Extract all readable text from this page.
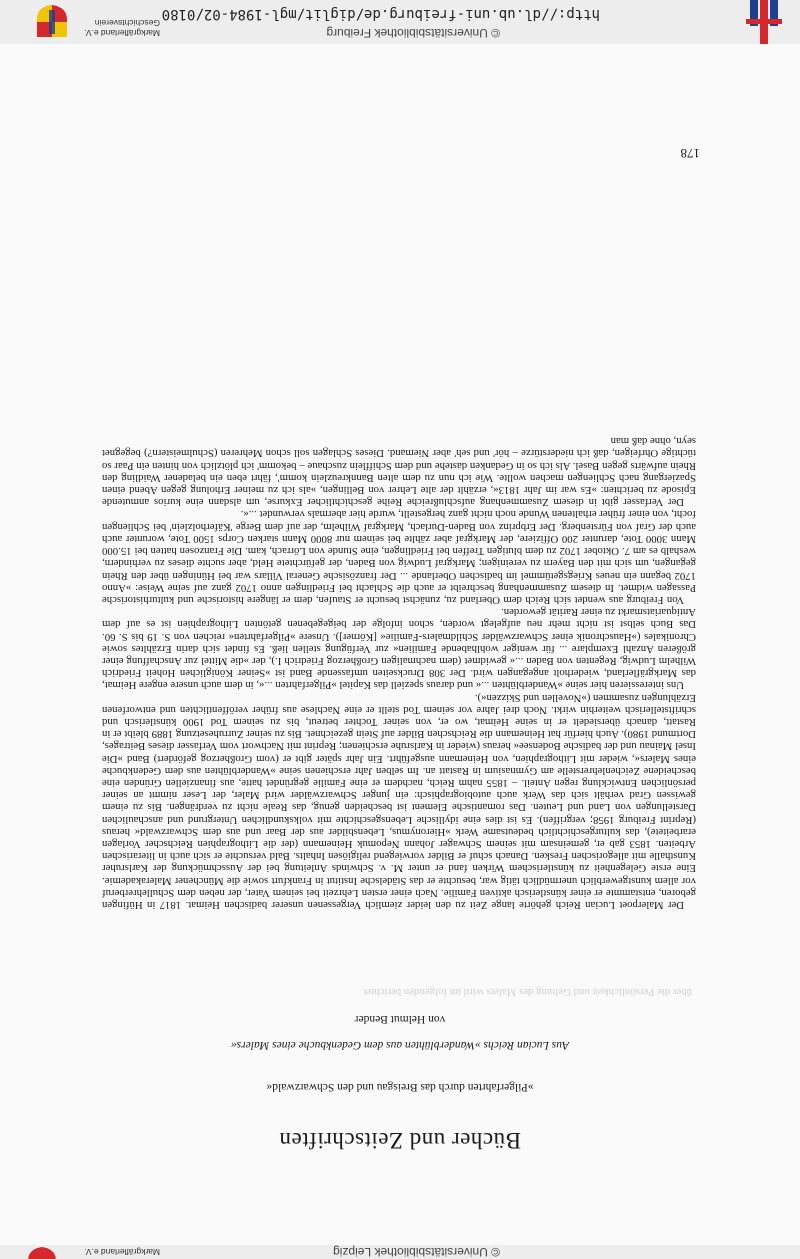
Markgräflerland e.V.	© Universitätsbibliothek Leipzig
Bücher und Zeitschriften
»Pilgerfahrten durch das Breisgau und den Schwarzwald«
Aus Lucian Reichs »Wanderblühten aus dem Gedenkbuche eines Malers«
von Helmut Bender
über die Persönlichkeit und Geltung des Malers wird im folgenden berichtet

Der Malerpoet Lucian Reich gehörte lange Zeit zu den leider ziemlich Vergessenen unserer badischen Heimat. 1817 in Hüfingen geboren, entstammte er einer künstlerisch aktiven Familie. Nach einer ersten Lehrzeit bei seinem Vater, der neben dem Schullehrerberuf vor allem kunstgewerblich unermüdlich tätig war, besuchte er das Städelsche Institut in Frankfurt sowie die Münchener Malerakademie. Eine erste Gelegenheit zu künstlerischem Wirken fand er unter M. v. Schwinds Anleitung bei der Ausschmückung der Karlsruher Kunsthalle mit allegorischen Fresken. Danach schuf er Bilder vorwiegend religiösen Inhalts. Bald versuchte er sich auch in literarischen Arbeiten. 1853 gab er, gemeinsam mit seinem Schwager Johann Nepomuk Heinemann (der die Lithographien Reichscher Vorlagen erarbeitete), das kulturgeschichtlich bedeutsame Werk »Hieronymus, Lebensbilder aus der Baar und aus dem Schwarzwald« heraus (Reprint Freiburg 1958; vergriffen). Es ist dies eine idyllische Lebensgeschichte mit volkskundlichen Untergrund und anschaulichen Darstellungen von Land und Leuten. Das romantische Element ist bescheiden genug, das Reale nicht zu verdrängen. Bis zu einem gewissen Grad verhält sich das Werk auch autobiographisch: ein junger Schwarzwälder wird Maler, der Leser nimmt an seiner persönlichen Entwicklung regen Anteil. – 1855 nahm Reich, nachdem er eine Familie gegründet hatte, aus finanziellen Gründen eine bescheidene Zeichenlehrerstelle am Gymnasium in Rastatt an. Im selben Jahr erschienen seine »Wanderblühten aus dem Gedenkbuche eines Malers«, wieder mit Lithographien, von Heinemann ausgeführt. Ein Jahr später gibt er (vom Großherzog gefördert) Band »Die Insel Mainau und der badische Bodensee« heraus (wieder in Karlsruhe erschienen; Reprint mit Nachwort vom Verfasser dieses Beitrages, Dortmund 1980). Auch hierfür hat Heinemann die Reichschen Bilder auf Stein gezeichnet. Bis zu seiner Zurruhesetzung 1889 bleibt er in Rastatt, danach übersiedelt er in seine Heimat, wo er, von seiner Tochter betreut, bis zu seinem Tod 1900 künstlerisch und schriftstellerisch weiterhin wirkt. Noch drei Jahre vor seinem Tod stellt er eine Nachlese aus früher veröffentlichten und entworfenen Erzählungen zusammen (»Novellen und Skizzen«).

Uns interessieren hier seine »Wanderblühten ...« und daraus speziell das Kapitel »Pilgerfahrten ...«, in dem auch unsere engere Heimat, das Markgräflerland, wiederholt angegangen wird. Der 308 Druckseiten umfassende Band ist »Seiner Königlichen Hoheit Friedrich Wilhelm Ludwig, Regenten von Baden ...« gewidmet (dem nachmaligen Großherzog Friedrich I.), der »die Mittel zur Anschaffung einer größeren Anzahl Exemplare ... für weniger wohlhabende Familien« zur Verfügung stellen ließ. Es findet sich darin Erzähltes sowie Chronikales (»Hauschronik einer Schwarzwälder Schildmalers-Familie« [Körner]). Unsere »Pilgerfahrten« reichen von S. 19 bis S. 60. Das Buch selbst ist nicht mehr neu aufgelegt worden, schon infolge der beigegebenen getönten Lithographien ist es auf dem Antiquariatsmarkt zu einer Rarität geworden.

Von Freiburg aus wendet sich Reich dem Oberland zu, zunächst besucht er Staufen, dem er längere historische und kulturhistorische Passagen widmet. In diesem Zusammenhang beschreibt er auch die Schlacht bei Friedlingen anno 1702 ganz auf seine Weise: »Anno 1702 begann ein neues Kriegsgetümmel im badischen Oberlande ... Der französische General Villars war bei Hüningen über den Rhein gegangen, um sich mit den Bayern zu vereinigen; Markgraf Ludwig von Baden, der gefürchtete Held, aber suchte dieses zu verhindern, weshalb es am 7. Oktober 1702 zu dem blutigen Treffen bei Friedlingen, eine Stunde von Lörrach, kam. Die Franzosen hatten bei 15.000 Mann 3000 Tote, darunter 200 Offiziere, der Markgraf aber zählte bei seinem nur 8000 Mann starken Corps 1500 Tote, worunter auch auch der Graf von Fürstenberg. Der Erbprinz von Baden-Durlach, Markgraf Wilhelm, der auf dem Berge 'Käferholzlein' bei Schliengen focht, von einer früher erhaltenen Wunde noch nicht ganz hergestellt, wurde hier abermals verwundet ...«.

Der Verfasser gibt in diesem Zusammenhang aufschlußreiche Reihe geschichtlicher Exkurse, um alsdann eine kurios anmutende Episode zu berichten: »Es war im Jahr 1813«, erzählt der alte Lehrer von Bellingen, »als ich zu meiner Erholung gegen Abend einen Spaziergang nach Schliengen machen wollte. Wie ich nun zu dem alten Bannkreuzlein komm', fährt eben ein beladener Waidling den Rhein aufwärts gegen Basel. Als ich so in Gedanken dastehe und dem Schifflein zuschaue – bekomm' ich plötzlich von hinten ein Paar so tüchtige Ohrfeigen, daß ich niederstürze – hör' und seh' aber Niemand. Dieses Schlagen soll schon Mehreren (Schulmeistern?) begegnet seyn, ohne daß man

178
Markgräflerland e.V.
Geschichtsverein
© Universitätsbibliothek Freiburg
http://dl.ub.uni-freiburg.de/diglit/mgl-1984-02/0180
